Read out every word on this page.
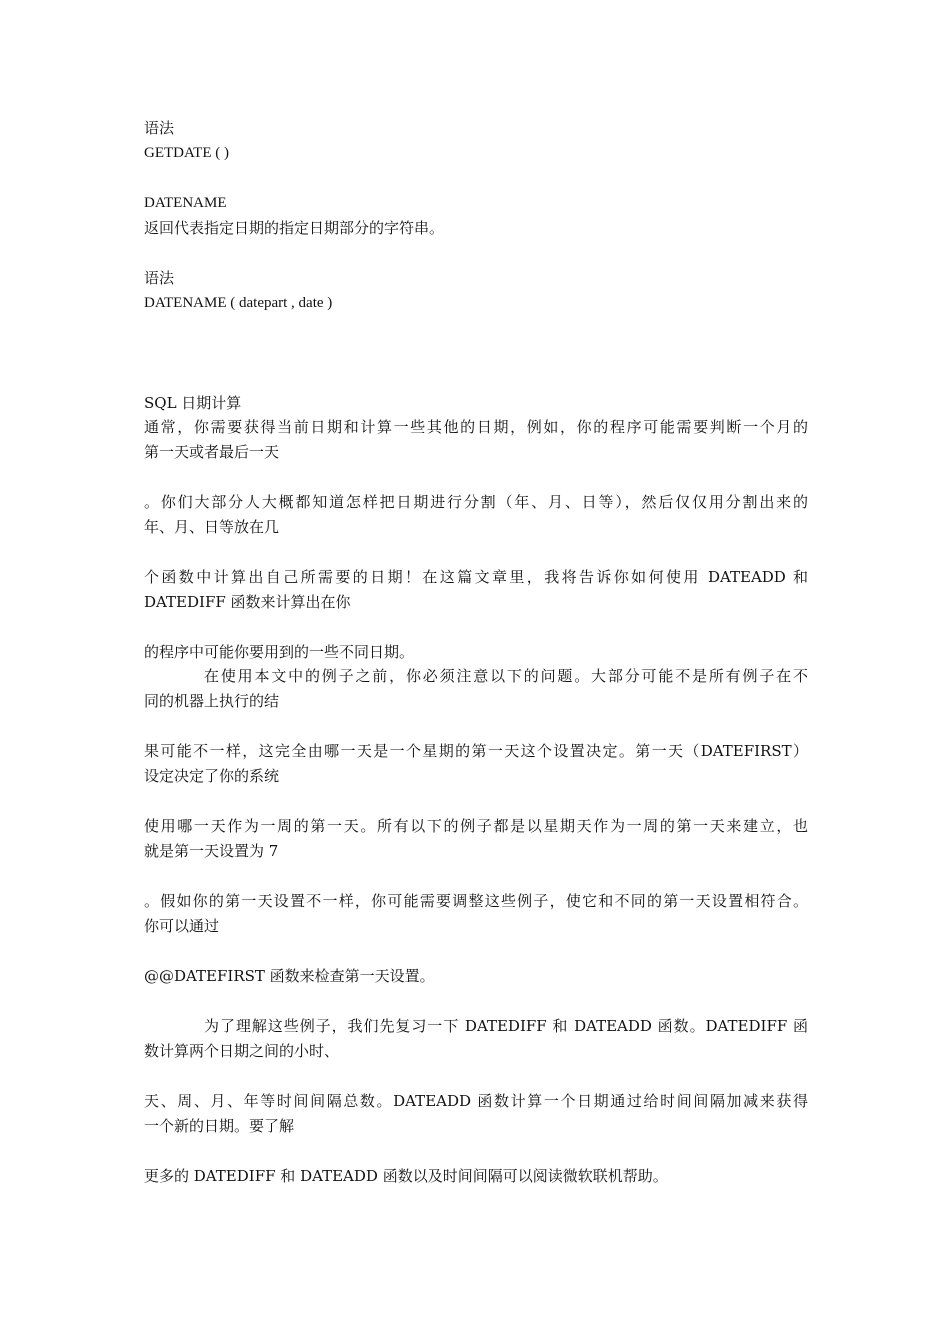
语法
GETDATE ( )
DATENAME
返回代表指定日期的指定日期部分的字符串。
语法
DATENAME ( datepart , date )
SQL 日期计算
通常，你需要获得当前日期和计算一些其他的日期，例如，你的程序可能需要判断一个月的
第一天或者最后一天
。你们大部分人大概都知道怎样把日期进行分割（年、月、日等），然后仅仅用分割出来的
年、月、日等放在几
个函数中计算出自己所需要的日期！在这篇文章里，我将告诉你如何使用 DATEADD 和
DATEDIFF 函数来计算出在你
的程序中可能你要用到的一些不同日期。
在使用本文中的例子之前，你必须注意以下的问题。大部分可能不是所有例子在不
同的机器上执行的结
果可能不一样，这完全由哪一天是一个星期的第一天这个设置决定。第一天（DATEFIRST）
设定决定了你的系统
使用哪一天作为一周的第一天。所有以下的例子都是以星期天作为一周的第一天来建立，也
就是第一天设置为 7
。假如你的第一天设置不一样，你可能需要调整这些例子，使它和不同的第一天设置相符合。
你可以通过
@@DATEFIRST 函数来检查第一天设置。
为了理解这些例子，我们先复习一下 DATEDIFF 和 DATEADD 函数。DATEDIFF 函
数计算两个日期之间的小时、
天、周、月、年等时间间隔总数。DATEADD 函数计算一个日期通过给时间间隔加减来获得
一个新的日期。要了解
更多的 DATEDIFF 和 DATEADD 函数以及时间间隔可以阅读微软联机帮助。
